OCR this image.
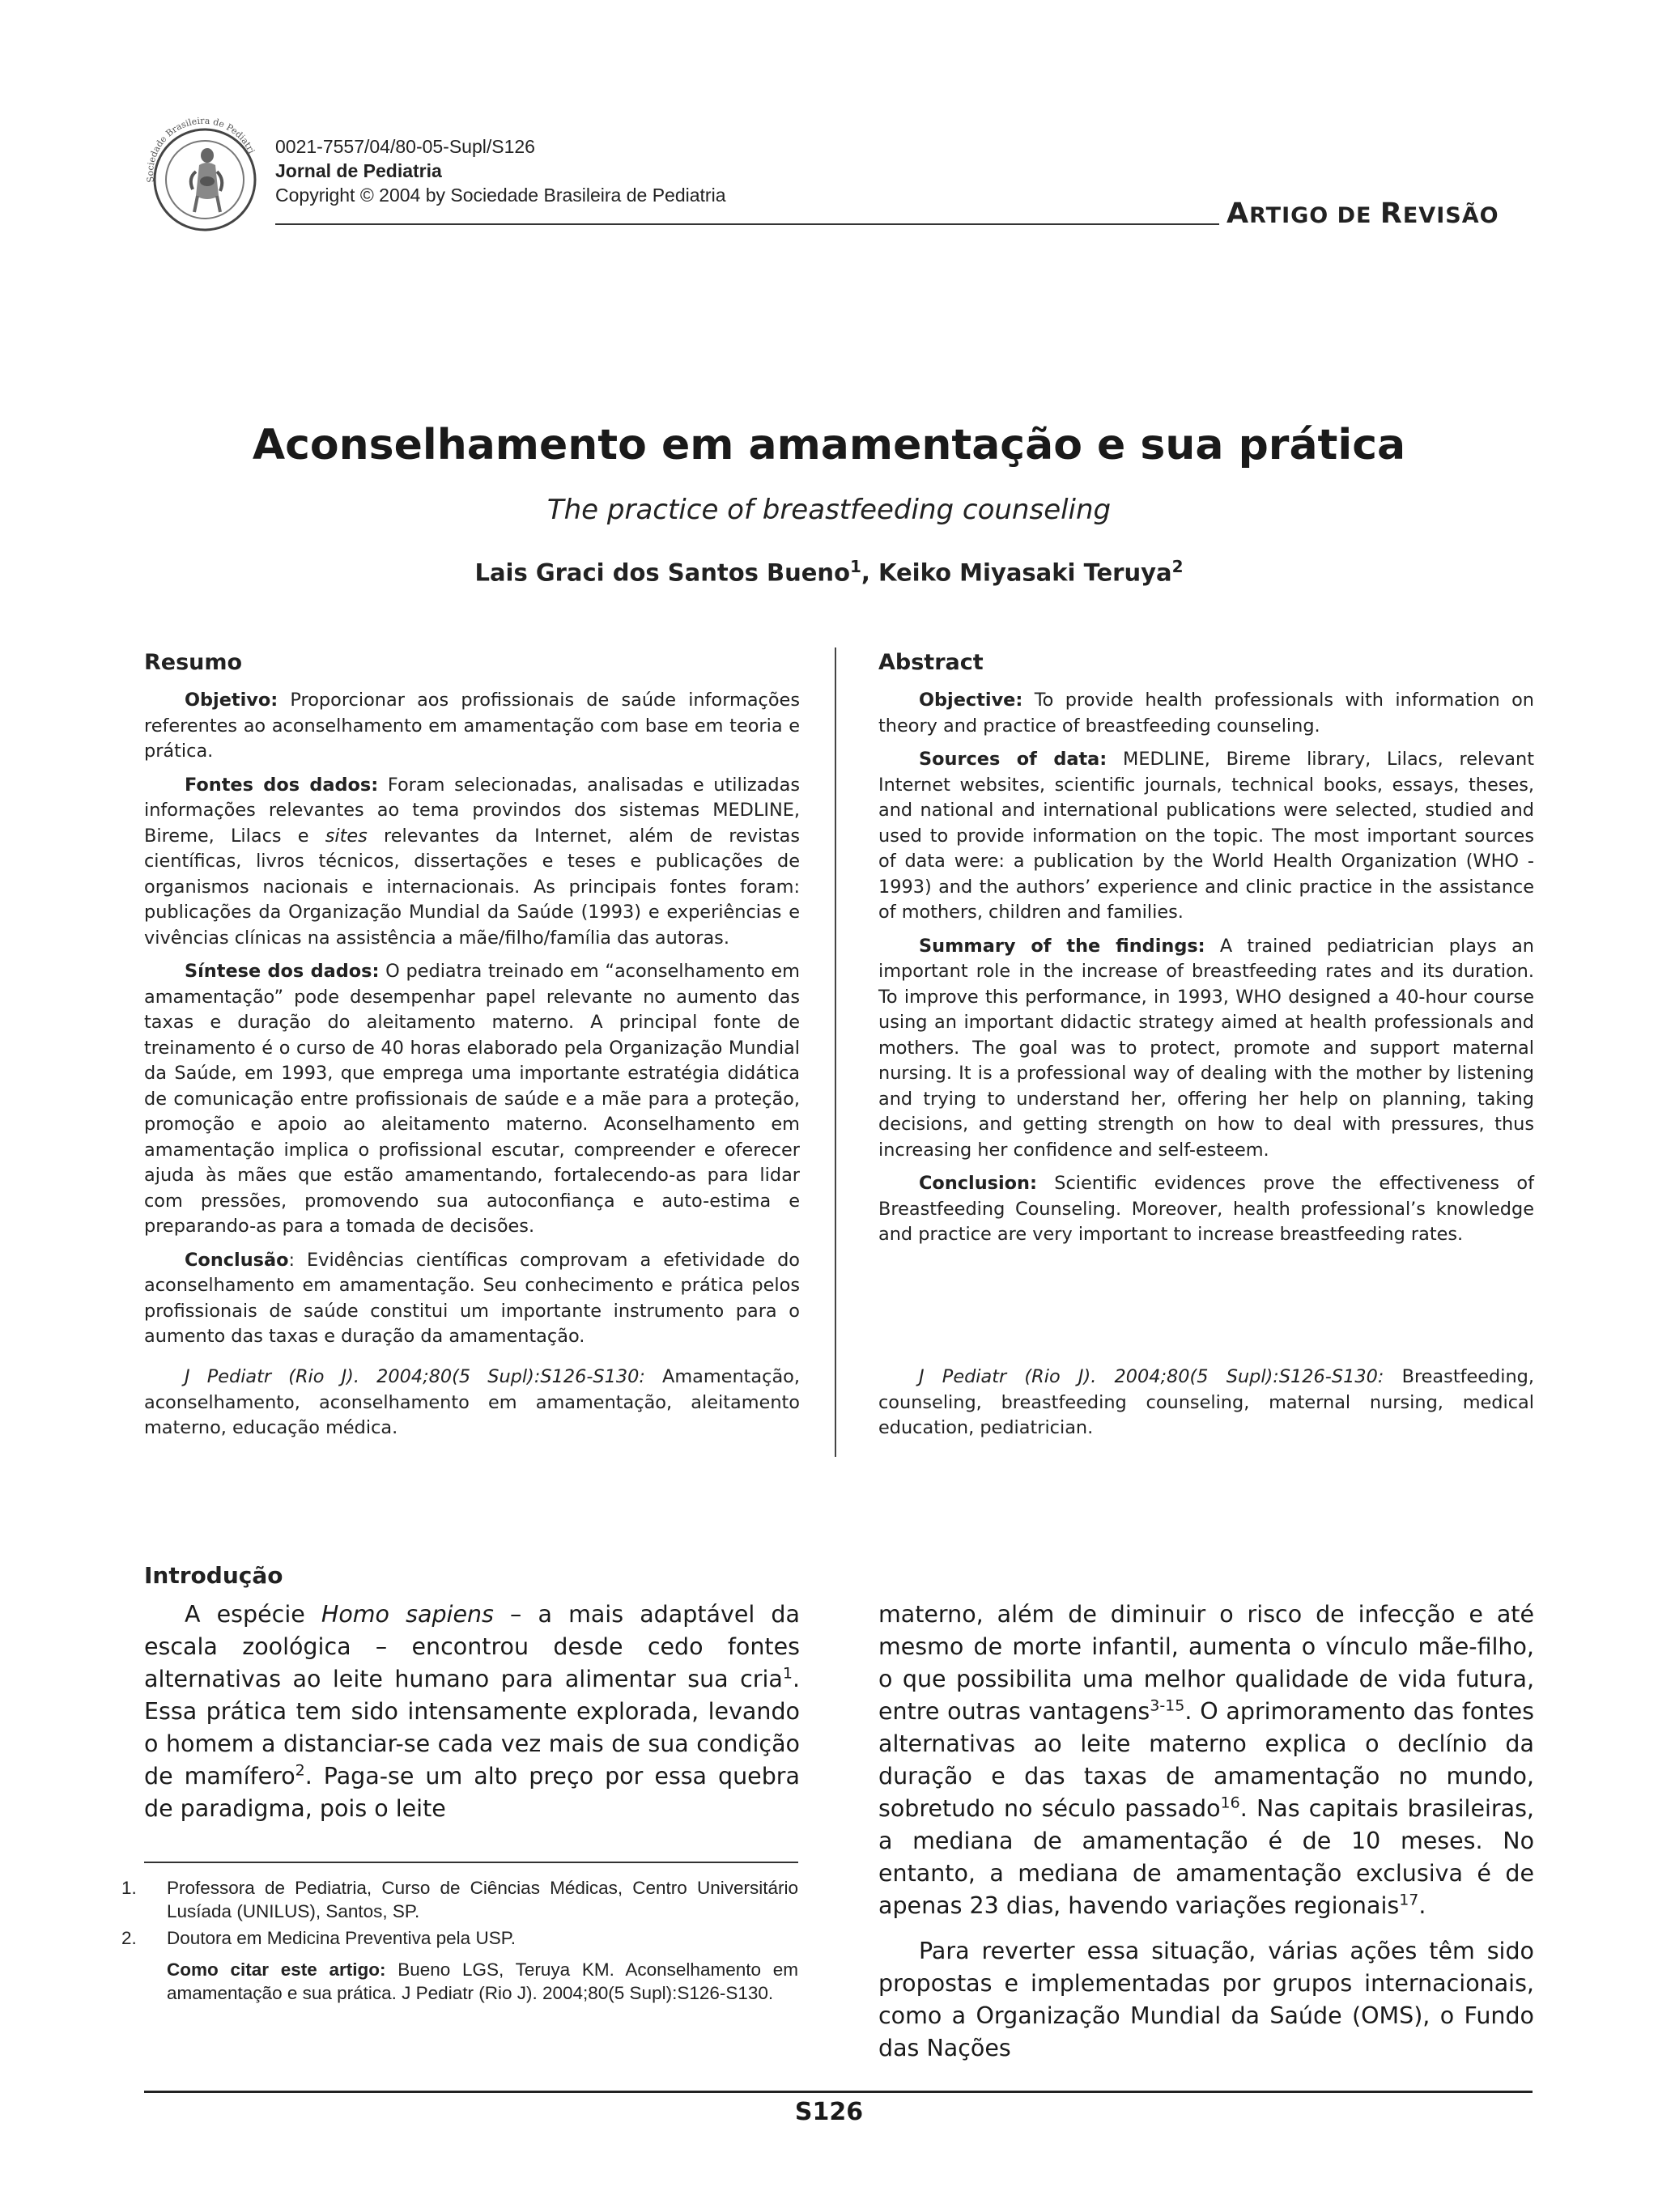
Sociedade Brasileira de Pediatri 0021-7557/04/80-05-Supl/S126
Jornal de Pediatria
Copyright © 2004 by Sociedade Brasileira de Pediatria
ARTIGO DE REVISÃO
Aconselhamento em amamentação e sua prática
The practice of breastfeeding counseling
Lais Graci dos Santos Bueno$^1$, Keiko Miyasaki Teruya$^2$
Resumo

Objetivo: Proporcionar aos profissionais de saúde informações referentes ao aconselhamento em amamentação com base em teoria e prática.

Fontes dos dados: Foram selecionadas, analisadas e utilizadas informações relevantes ao tema provindos dos sistemas MEDLINE, Bireme, Lilacs e sites relevantes da Internet, além de revistas científicas, livros técnicos, dissertações e teses e publicações de organismos nacionais e internacionais. As principais fontes foram: publicações da Organização Mundial da Saúde (1993) e experiências e vivências clínicas na assistência a mãe/filho/família das autoras.

Síntese dos dados: O pediatra treinado em “aconselhamento em amamentação” pode desempenhar papel relevante no aumento das taxas e duração do aleitamento materno. A principal fonte de treinamento é o curso de 40 horas elaborado pela Organização Mundial da Saúde, em 1993, que emprega uma importante estratégia didática de comunicação entre profissionais de saúde e a mãe para a proteção, promoção e apoio ao aleitamento materno. Aconselhamento em amamentação implica o profissional escutar, compreender e oferecer ajuda às mães que estão amamentando, fortalecendo-as para lidar com pressões, promovendo sua autoconfiança e auto-estima e preparando-as para a tomada de decisões.

Conclusão: Evidências científicas comprovam a efetividade do aconselhamento em amamentação. Seu conhecimento e prática pelos profissionais de saúde constitui um importante instrumento para o aumento das taxas e duração da amamentação.

J Pediatr (Rio J). 2004;80(5 Supl):S126-S130: Amamentação, aconselhamento, aconselhamento em amamentação, aleitamento materno, educação médica.

Abstract

Objective: To provide health professionals with information on theory and practice of breastfeeding counseling.

Sources of data: MEDLINE, Bireme library, Lilacs, relevant Internet websites, scientific journals, technical books, essays, theses, and national and international publications were selected, studied and used to provide information on the topic. The most important sources of data were: a publication by the World Health Organization (WHO - 1993) and the authors’ experience and clinic practice in the assistance of mothers, children and families.

Summary of the findings: A trained pediatrician plays an important role in the increase of breastfeeding rates and its duration. To improve this performance, in 1993, WHO designed a 40-hour course using an important didactic strategy aimed at health professionals and mothers. The goal was to protect, promote and support maternal nursing. It is a professional way of dealing with the mother by listening and trying to understand her, offering her help on planning, taking decisions, and getting strength on how to deal with pressures, thus increasing her confidence and self-esteem.

Conclusion: Scientific evidences prove the effectiveness of Breastfeeding Counseling. Moreover, health professional’s knowledge and practice are very important to increase breastfeeding rates.

J Pediatr (Rio J). 2004;80(5 Supl):S126-S130: Breastfeeding, counseling, breastfeeding counseling, maternal nursing, medical education, pediatrician.

Introdução

A espécie Homo sapiens – a mais adaptável da escala zoológica – encontrou desde cedo fontes alternativas ao leite humano para alimentar sua cria$^1$. Essa prática tem sido intensamente explorada, levando o homem a distanciar-se cada vez mais de sua condição de mamífero$^2$. Paga-se um alto preço por essa quebra de paradigma, pois o leite

materno, além de diminuir o risco de infecção e até mesmo de morte infantil, aumenta o vínculo mãe-filho, o que possibilita uma melhor qualidade de vida futura, entre outras vantagens$^{3-15}$. O aprimoramento das fontes alternativas ao leite materno explica o declínio da duração e das taxas de amamentação no mundo, sobretudo no século passado$^{16}$. Nas capitais brasileiras, a mediana de amamentação é de 10 meses. No entanto, a mediana de amamentação exclusiva é de apenas 23 dias, havendo variações regionais$^{17}$.

Para reverter essa situação, várias ações têm sido propostas e implementadas por grupos internacionais, como a Organização Mundial da Saúde (OMS), o Fundo das Nações

1. Professora de Pediatria, Curso de Ciências Médicas, Centro Universitário Lusíada (UNILUS), Santos, SP.
2. Doutora em Medicina Preventiva pela USP.
Como citar este artigo: Bueno LGS, Teruya KM. Aconselhamento em amamentação e sua prática. J Pediatr (Rio J). 2004;80(5 Supl):S126-S130.
S126
